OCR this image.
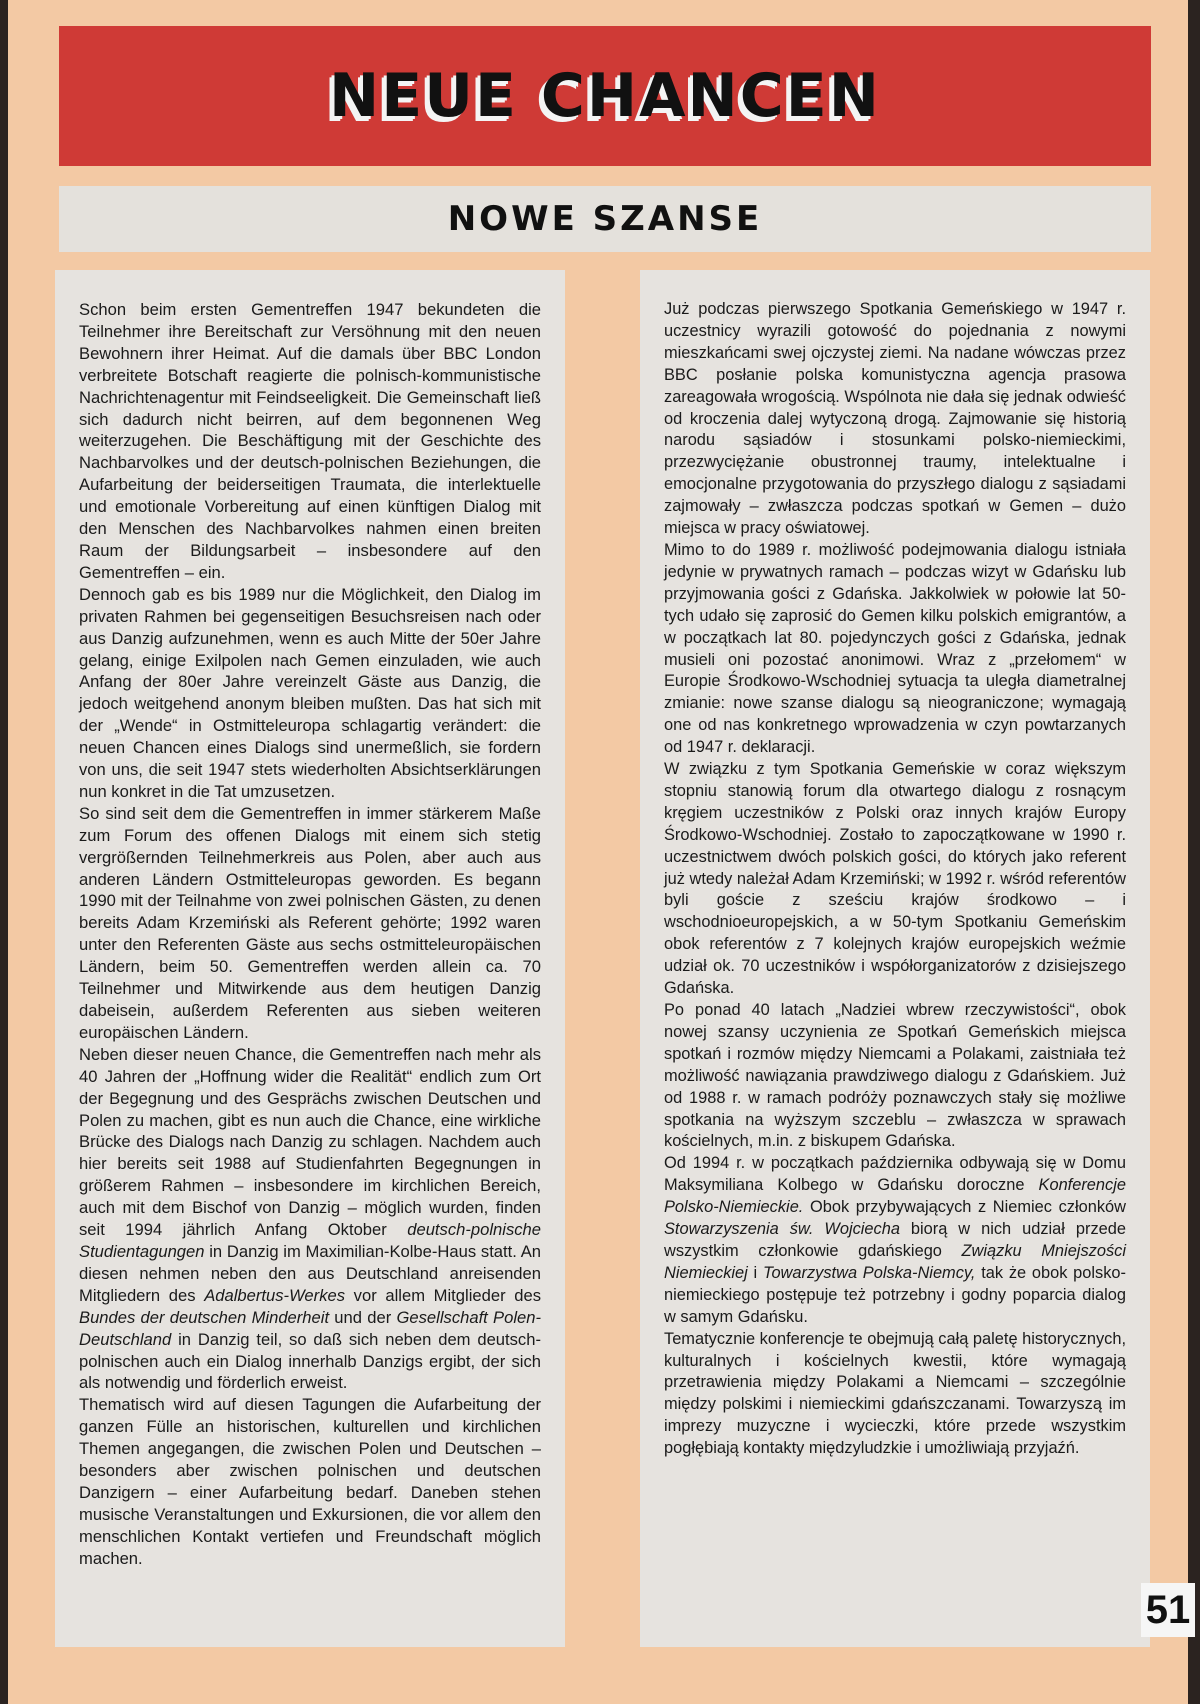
NEUE CHANCEN
NOWE SZANSE

Schon beim ersten Gementreffen 1947 bekundeten die Teilnehmer ihre Bereitschaft zur Versöhnung mit den neuen Bewohnern ihrer Heimat. Auf die damals über BBC London verbreitete Botschaft reagierte die polnisch-kommunistische Nachrichtenagentur mit Feindseeligkeit. Die Gemeinschaft ließ sich dadurch nicht beirren, auf dem begonnenen Weg weiterzugehen. Die Beschäftigung mit der Geschichte des Nachbarvolkes und der deutsch-polnischen Beziehungen, die Aufarbeitung der beiderseitigen Traumata, die interlektuelle und emotionale Vorbereitung auf einen künftigen Dialog mit den Menschen des Nachbarvolkes nahmen einen breiten Raum der Bildungsarbeit – insbesondere auf den Gementreffen – ein.

Dennoch gab es bis 1989 nur die Möglichkeit, den Dialog im privaten Rahmen bei gegenseitigen Besuchsreisen nach oder aus Danzig aufzunehmen, wenn es auch Mitte der 50er Jahre gelang, einige Exilpolen nach Gemen einzuladen, wie auch Anfang der 80er Jahre vereinzelt Gäste aus Danzig, die jedoch weitgehend anonym bleiben mußten. Das hat sich mit der „Wende“ in Ostmitteleuropa schlagartig verändert: die neuen Chancen eines Dialogs sind unermeßlich, sie fordern von uns, die seit 1947 stets wiederholten Absichtserklärungen nun konkret in die Tat umzusetzen.

So sind seit dem die Gementreffen in immer stärkerem Maße zum Forum des offenen Dialogs mit einem sich stetig vergrößernden Teilnehmerkreis aus Polen, aber auch aus anderen Ländern Ostmitteleuropas geworden. Es begann 1990 mit der Teilnahme von zwei polnischen Gästen, zu denen bereits Adam Krzemiński als Referent gehörte; 1992 waren unter den Referenten Gäste aus sechs ostmitteleuropäischen Ländern, beim 50. Gementreffen werden allein ca. 70 Teilnehmer und Mitwirkende aus dem heutigen Danzig dabeisein, außerdem Referenten aus sieben weiteren europäischen Ländern.

Neben dieser neuen Chance, die Gementreffen nach mehr als 40 Jahren der „Hoffnung wider die Realität“ endlich zum Ort der Begegnung und des Gesprächs zwischen Deutschen und Polen zu machen, gibt es nun auch die Chance, eine wirkliche Brücke des Dialogs nach Danzig zu schlagen. Nachdem auch hier bereits seit 1988 auf Studienfahrten Begegnungen in größerem Rahmen – insbesondere im kirchlichen Bereich, auch mit dem Bischof von Danzig – möglich wurden, finden seit 1994 jährlich Anfang Oktober deutsch-polnische Studientagungen in Danzig im Maximilian-Kolbe-Haus statt. An diesen nehmen neben den aus Deutschland anreisenden Mitgliedern des Adalbertus-Werkes vor allem Mitglieder des Bundes der deutschen Minderheit und der Gesellschaft Polen-Deutschland in Danzig teil, so daß sich neben dem deutsch-polnischen auch ein Dialog innerhalb Danzigs ergibt, der sich als notwendig und förderlich erweist.

Thematisch wird auf diesen Tagungen die Aufarbeitung der ganzen Fülle an historischen, kulturellen und kirchlichen Themen angegangen, die zwischen Polen und Deutschen – besonders aber zwischen polnischen und deutschen Danzigern – einer Aufarbeitung bedarf. Daneben stehen musische Veranstaltungen und Exkursionen, die vor allem den menschlichen Kontakt vertiefen und Freundschaft möglich machen.

Już podczas pierwszego Spotkania Gemeńskiego w 1947 r. uczestnicy wyrazili gotowość do pojednania z nowymi mieszkańcami swej ojczystej ziemi. Na nadane wówczas przez BBC posłanie polska komunistyczna agencja prasowa zareagowała wrogością. Wspólnota nie dała się jednak odwieść od kroczenia dalej wytyczoną drogą. Zajmowanie się historią narodu sąsiadów i stosunkami polsko-niemieckimi, przezwyciężanie obustronnej traumy, intelektualne i emocjonalne przygotowania do przyszłego dialogu z sąsiadami zajmowały – zwłaszcza podczas spotkań w Gemen – dużo miejsca w pracy oświatowej.

Mimo to do 1989 r. możliwość podejmowania dialogu istniała jedynie w prywatnych ramach – podczas wizyt w Gdańsku lub przyjmowania gości z Gdańska. Jakkolwiek w połowie lat 50-tych udało się zaprosić do Gemen kilku polskich emigrantów, a w początkach lat 80. pojedynczych gości z Gdańska, jednak musieli oni pozostać anonimowi. Wraz z „przełomem“ w Europie Środkowo-Wschodniej sytuacja ta uległa diametralnej zmianie: nowe szanse dialogu są nieograniczone; wymagają one od nas konkretnego wprowadzenia w czyn powtarzanych od 1947 r. deklaracji.

W związku z tym Spotkania Gemeńskie w coraz większym stopniu stanowią forum dla otwartego dialogu z rosnącym kręgiem uczestników z Polski oraz innych krajów Europy Środkowo-Wschodniej. Zostało to zapoczątkowane w 1990 r. uczestnictwem dwóch polskich gości, do których jako referent już wtedy należał Adam Krzemiński; w 1992 r. wśród referentów byli goście z sześciu krajów środkowo – i wschodnioeuropejskich, a w 50-tym Spotkaniu Gemeńskim obok referentów z 7 kolejnych krajów europejskich weźmie udział ok. 70 uczestników i współorganizatorów z dzisiejszego Gdańska.

Po ponad 40 latach „Nadziei wbrew rzeczywistości“, obok nowej szansy uczynienia ze Spotkań Gemeńskich miejsca spotkań i rozmów między Niemcami a Polakami, zaistniała też możliwość nawiązania prawdziwego dialogu z Gdańskiem. Już od 1988 r. w ramach podróży poznawczych stały się możliwe spotkania na wyższym szczeblu – zwłaszcza w sprawach kościelnych, m.in. z biskupem Gdańska.

Od 1994 r. w początkach października odbywają się w Domu Maksymiliana Kolbego w Gdańsku doroczne Konferencje Polsko-Niemieckie. Obok przybywających z Niemiec członków Stowarzyszenia św. Wojciecha biorą w nich udział przede wszystkim członkowie gdańskiego Związku Mniejszości Niemieckiej i Towarzystwa Polska-Niemcy, tak że obok polsko-niemieckiego postępuje też potrzebny i godny poparcia dialog w samym Gdańsku.

Tematycznie konferencje te obejmują całą paletę historycznych, kulturalnych i kościelnych kwestii, które wymagają przetrawienia między Polakami a Niemcami – szczególnie między polskimi i niemieckimi gdańszczanami. Towarzyszą im imprezy muzyczne i wycieczki, które przede wszystkim pogłębiają kontakty międzyludzkie i umożliwiają przyjaźń.

51
